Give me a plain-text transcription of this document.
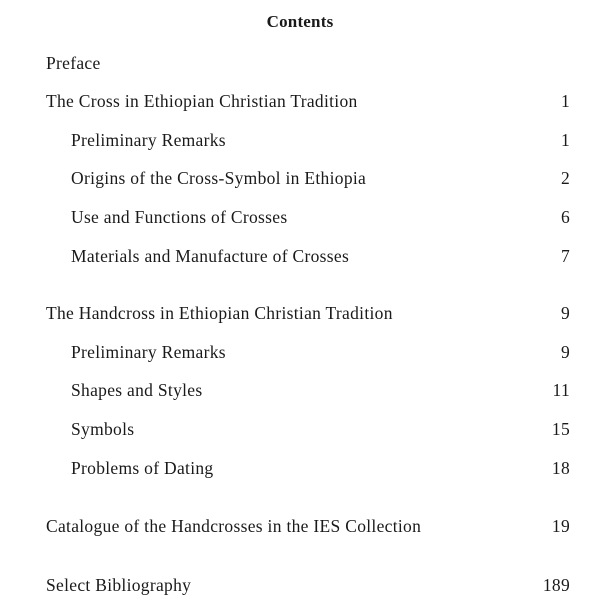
Contents
Preface
The Cross in Ethiopian Christian Tradition	1
Preliminary Remarks	1
Origins of the Cross-Symbol in Ethiopia	2
Use and Functions of Crosses	6
Materials and Manufacture of Crosses	7
The Handcross in Ethiopian Christian Tradition	9
Preliminary Remarks	9
Shapes and Styles	11
Symbols	15
Problems of Dating	18
Catalogue of the Handcrosses in the IES Collection	19
Select Bibliography	189
